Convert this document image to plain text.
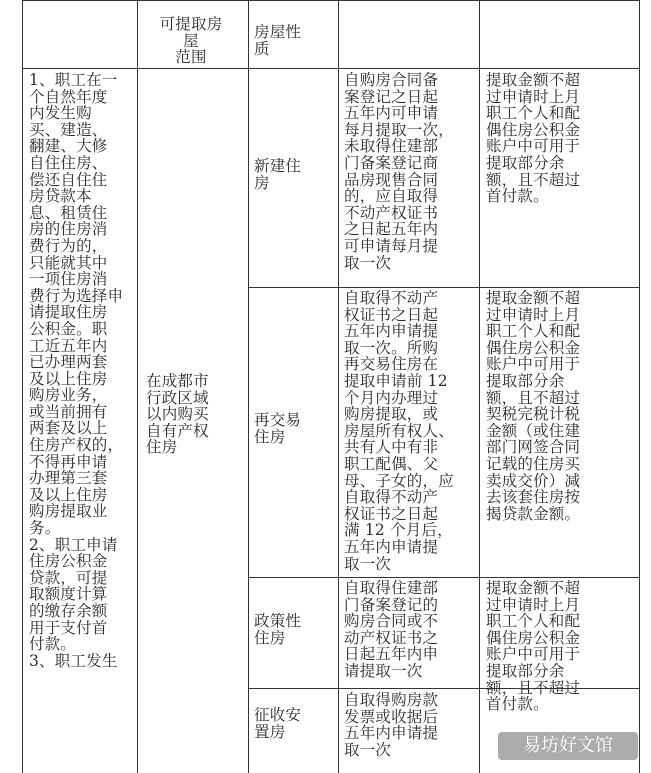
可提取房
屋
范围

房屋性
质

1、职工在一
个自然年度
内发生购
买、建造、
翻建、大修
自住住房、
偿还自住住
房贷款本
息、租赁住
房的住房消
费行为的，
只能就其中
一项住房消
费行为选择申
请提取住房
公积金。职
工近五年内
已办理两套
及以上住房
购房业务，
或当前拥有
两套及以上
住房产权的，
不得再申请
办理第三套
及以上住房
购房提取业
务。
2、职工申请
住房公积金
贷款，可提
取额度计算
的缴存余额
用于支付首
付款。
3、职工发生

在成都市
行政区域
以内购买
自有产权
住房

新建住
房

自购房合同备
案登记之日起
五年内可申请
每月提取一次，
未取得住建部
门备案登记商
品房现售合同
的，应自取得
不动产权证书
之日起五年内
可申请每月提
取一次

提取金额不超
过申请时上月
职工个人和配
偶住房公积金
账户中可用于
提取部分余
额，且不超过
首付款。

再交易
住房

自取得不动产
权证书之日起
五年内申请提
取一次。所购
再交易住房在
提取申请前 12
个月内办理过
购房提取，或
房屋所有权人、
共有人中有非
职工配偶、父
母、子女的，应
自取得不动产
权证书之日起
满 12 个月后，
五年内申请提
取一次

提取金额不超
过申请时上月
职工个人和配
偶住房公积金
账户中可用于
提取部分余
额，且不超过
契税完税计税
金额（或住建
部门网签合同
记载的住房买
卖成交价）减
去该套住房按
揭贷款金额。

政策性
住房

自取得住建部
门备案登记的
购房合同或不
动产权证书之
日起五年内申
请提取一次

提取金额不超
过申请时上月
职工个人和配
偶住房公积金
账户中可用于
提取部分余
额，且不超过
首付款。

征收安
置房

自取得购房款
发票或收据后
五年内申请提
取一次	易坊好文馆
